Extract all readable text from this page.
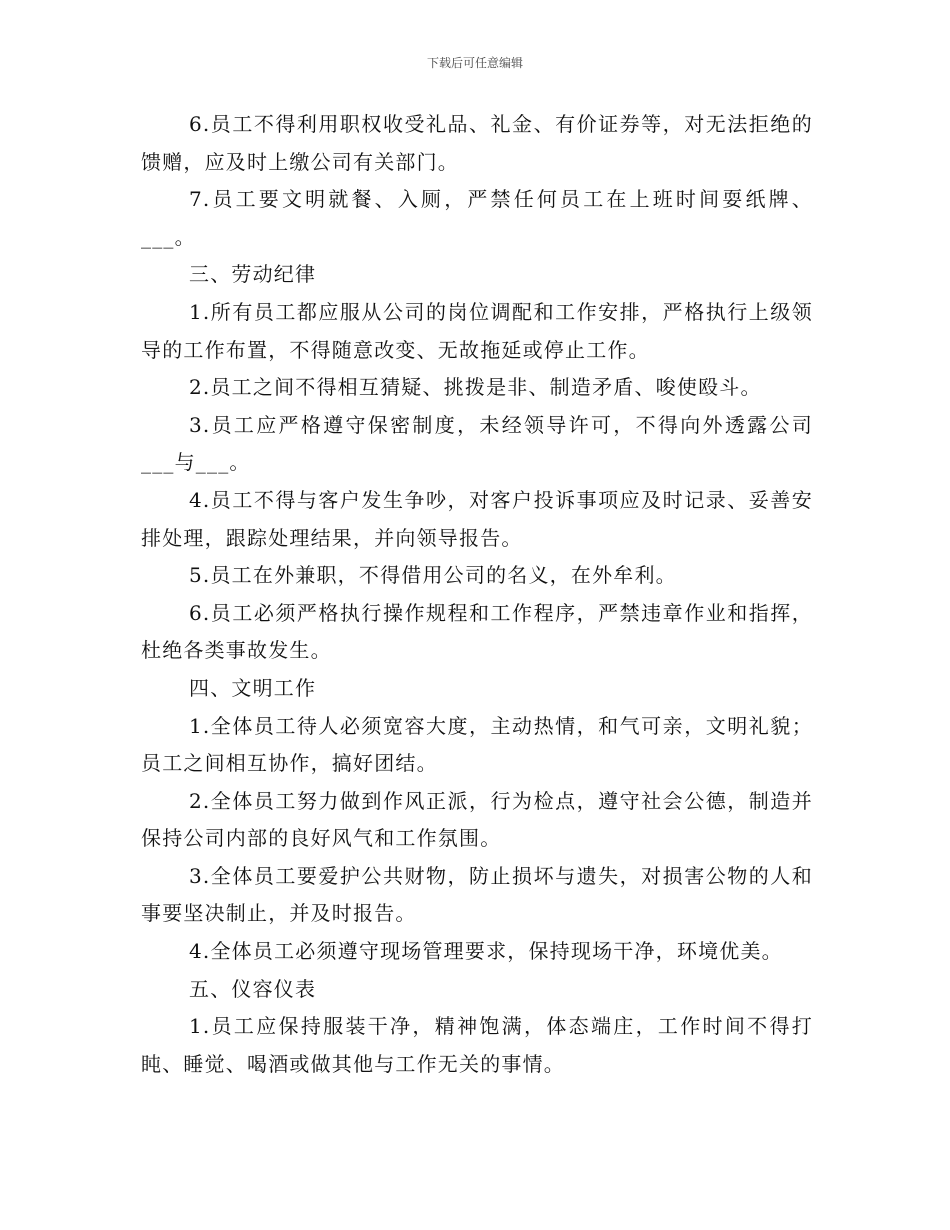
下载后可任意编辑

6.员工不得利用职权收受礼品、礼金、有价证券等，对无法拒绝的馈赠，应及时上缴公司有关部门。

7.员工要文明就餐、入厕，严禁任何员工在上班时间耍纸牌、___。

三、劳动纪律

1.所有员工都应服从公司的岗位调配和工作安排，严格执行上级领导的工作布置，不得随意改变、无故拖延或停止工作。

2.员工之间不得相互猜疑、挑拨是非、制造矛盾、唆使殴斗。

3.员工应严格遵守保密制度，未经领导许可，不得向外透露公司___与___。

4.员工不得与客户发生争吵，对客户投诉事项应及时记录、妥善安排处理，跟踪处理结果，并向领导报告。

5.员工在外兼职，不得借用公司的名义，在外牟利。

6.员工必须严格执行操作规程和工作程序，严禁违章作业和指挥，杜绝各类事故发生。

四、文明工作

1.全体员工待人必须宽容大度，主动热情，和气可亲，文明礼貌；员工之间相互协作，搞好团结。

2.全体员工努力做到作风正派，行为检点，遵守社会公德，制造并保持公司内部的良好风气和工作氛围。

3.全体员工要爱护公共财物，防止损坏与遗失，对损害公物的人和事要坚决制止，并及时报告。

4.全体员工必须遵守现场管理要求，保持现场干净，环境优美。

五、仪容仪表

1.员工应保持服装干净，精神饱满，体态端庄，工作时间不得打盹、睡觉、喝酒或做其他与工作无关的事情。
